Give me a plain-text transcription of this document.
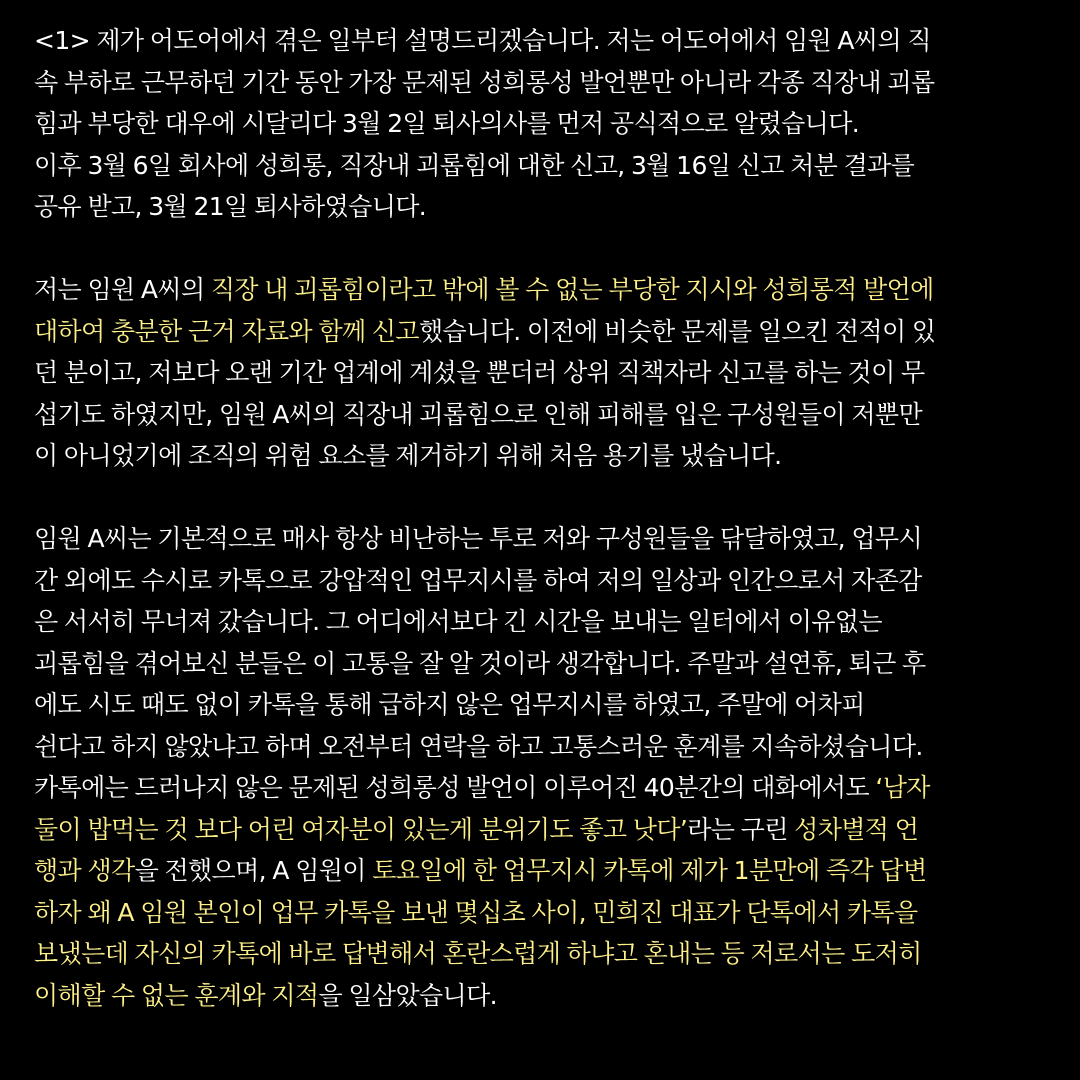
<1> 제가 어도어에서 겪은 일부터 설명드리겠습니다. 저는 어도어에서 임원 A씨의 직
속 부하로 근무하던 기간 동안 가장 문제된 성희롱성 발언뿐만 아니라 각종 직장내 괴롭
힘과 부당한 대우에 시달리다 3월 2일 퇴사의사를 먼저 공식적으로 알렸습니다.
이후 3월 6일 회사에 성희롱, 직장내 괴롭힘에 대한 신고, 3월 16일 신고 처분 결과를
공유 받고, 3월 21일 퇴사하였습니다.
저는 임원 A씨의 직장 내 괴롭힘이라고 밖에 볼 수 없는 부당한 지시와 성희롱적 발언에
대하여 충분한 근거 자료와 함께 신고했습니다. 이전에 비슷한 문제를 일으킨 전적이 있
던 분이고, 저보다 오랜 기간 업계에 계셨을 뿐더러 상위 직책자라 신고를 하는 것이 무
섭기도 하였지만, 임원 A씨의 직장내 괴롭힘으로 인해 피해를 입은 구성원들이 저뿐만
이 아니었기에 조직의 위험 요소를 제거하기 위해 처음 용기를 냈습니다.
임원 A씨는 기본적으로 매사 항상 비난하는 투로 저와 구성원들을 닦달하였고, 업무시
간 외에도 수시로 카톡으로 강압적인 업무지시를 하여 저의 일상과 인간으로서 자존감
은 서서히 무너져 갔습니다. 그 어디에서보다 긴 시간을 보내는 일터에서 이유없는
괴롭힘을 겪어보신 분들은 이 고통을 잘 알 것이라 생각합니다. 주말과 설연휴, 퇴근 후
에도 시도 때도 없이 카톡을 통해 급하지 않은 업무지시를 하였고, 주말에 어차피
쉰다고 하지 않았냐고 하며 오전부터 연락을 하고 고통스러운 훈계를 지속하셨습니다.
카톡에는 드러나지 않은 문제된 성희롱성 발언이 이루어진 40분간의 대화에서도 ‘남자
둘이 밥먹는 것 보다 어린 여자분이 있는게 분위기도 좋고 낫다’라는 구린 성차별적 언
행과 생각을 전했으며, A 임원이 토요일에 한 업무지시 카톡에 제가 1분만에 즉각 답변
하자 왜 A 임원 본인이 업무 카톡을 보낸 몇십초 사이, 민희진 대표가 단톡에서 카톡을
보냈는데 자신의 카톡에 바로 답변해서 혼란스럽게 하냐고 혼내는 등 저로서는 도저히
이해할 수 없는 훈계와 지적을 일삼았습니다.
